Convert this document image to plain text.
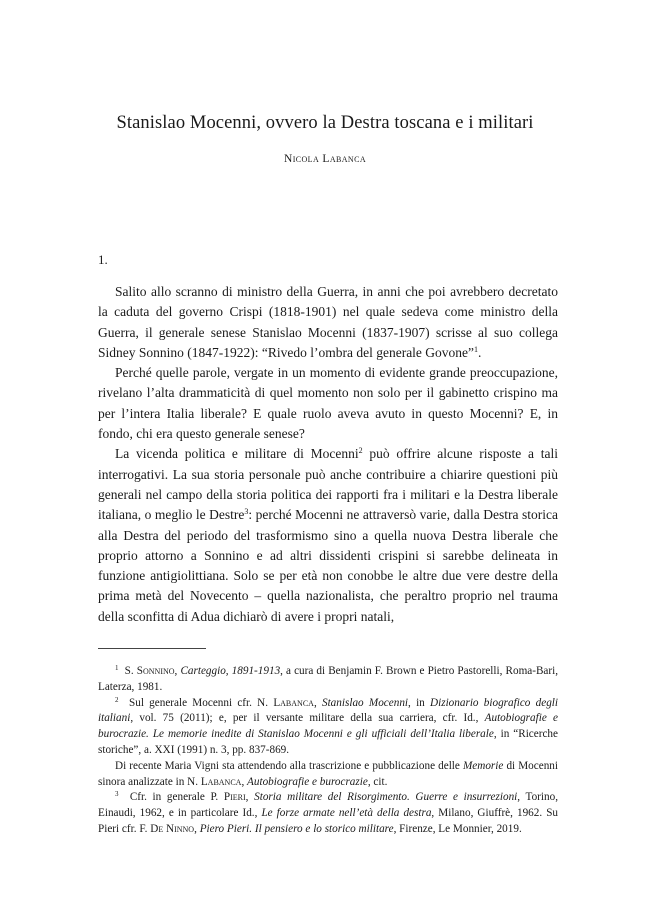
Stanislao Mocenni, ovvero la Destra toscana e i militari
Nicola Labanca
1.

Salito allo scranno di ministro della Guerra, in anni che poi avrebbero decretato la caduta del governo Crispi (1818-1901) nel quale sedeva come ministro della Guerra, il generale senese Stanislao Mocenni (1837-1907) scrisse al suo collega Sidney Sonnino (1847-1922): “Rivedo l’ombra del generale Govone”$^1$.

Perché quelle parole, vergate in un momento di evidente grande preoccupazione, rivelano l’alta drammaticità di quel momento non solo per il gabinetto crispino ma per l’intera Italia liberale? E quale ruolo aveva avuto in questo Mocenni? E, in fondo, chi era questo generale senese?

La vicenda politica e militare di Mocenni$^2$ può offrire alcune risposte a tali interrogativi. La sua storia personale può anche contribuire a chiarire questioni più generali nel campo della storia politica dei rapporti fra i militari e la Destra liberale italiana, o meglio le Destre$^3$: perché Mocenni ne attraversò varie, dalla Destra storica alla Destra del periodo del trasformismo sino a quella nuova Destra liberale che proprio attorno a Sonnino e ad altri dissidenti crispini si sarebbe delineata in funzione antigiolittiana. Solo se per età non conobbe le altre due vere destre della prima metà del Novecento – quella nazionalista, che peraltro proprio nel trauma della sconfitta di Adua dichiarò di avere i propri natali,

$^1$ S. Sonnino, Carteggio, 1891-1913, a cura di Benjamin F. Brown e Pietro Pastorelli, Roma-Bari, Laterza, 1981.

$^2$ Sul generale Mocenni cfr. N. Labanca, Stanislao Mocenni, in Dizionario biografico degli italiani, vol. 75 (2011); e, per il versante militare della sua carriera, cfr. Id., Autobiografie e burocrazie. Le memorie inedite di Stanislao Mocenni e gli ufficiali dell’Italia liberale, in “Ricerche storiche”, a. XXI (1991) n. 3, pp. 837-869.

Di recente Maria Vigni sta attendendo alla trascrizione e pubblicazione delle Memorie di Mocenni sinora analizzate in N. Labanca, Autobiografie e burocrazie, cit.

$^3$ Cfr. in generale P. Pieri, Storia militare del Risorgimento. Guerre e insurrezioni, Torino, Einaudi, 1962, e in particolare Id., Le forze armate nell’età della destra, Milano, Giuffrè, 1962. Su Pieri cfr. F. De Ninno, Piero Pieri. Il pensiero e lo storico militare, Firenze, Le Monnier, 2019.
